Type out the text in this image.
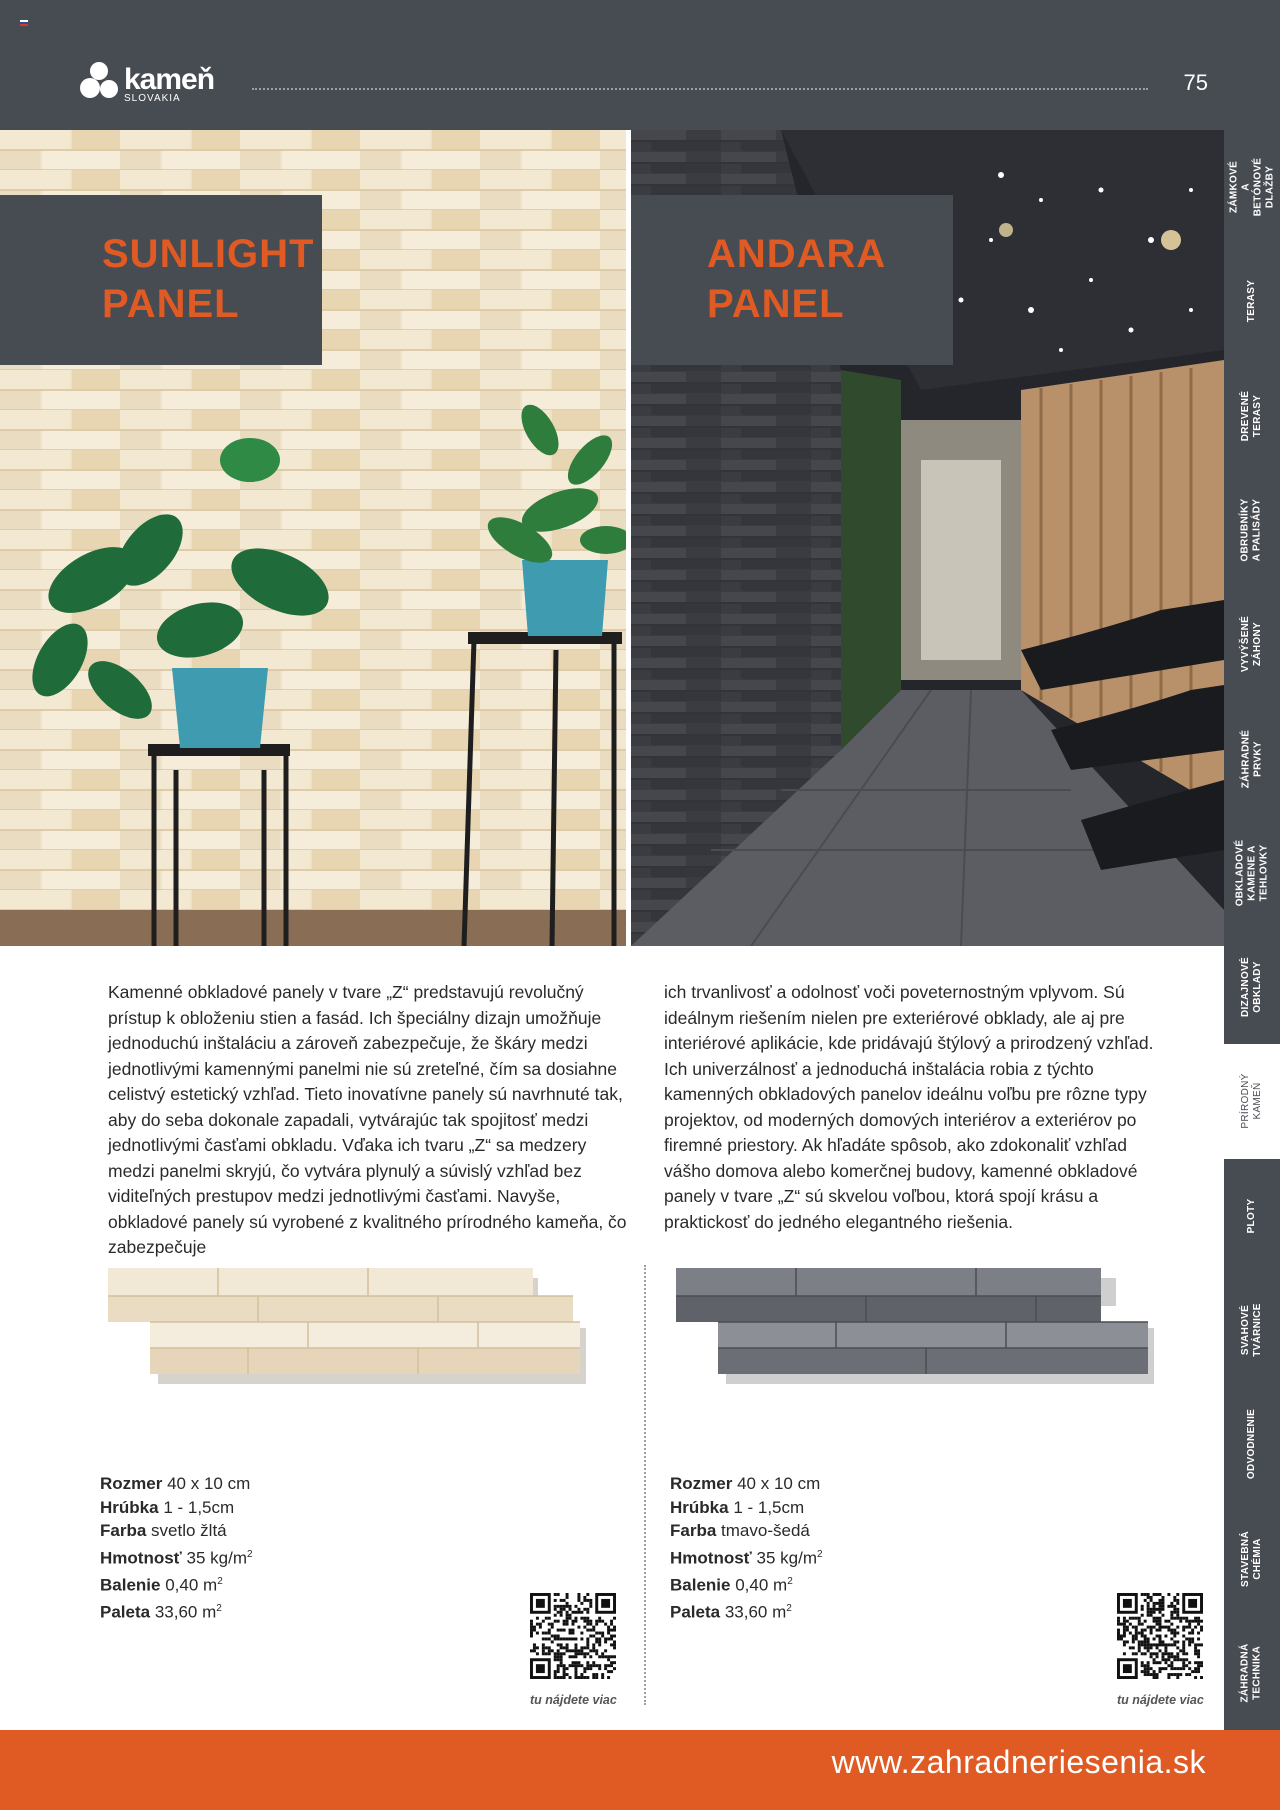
kameň
SLOVAKIA
75
SUNLIGHT
PANEL
ANDARA
PANEL
ZÁMKOVÉ A BETÓNOVÉ
DLAŽBY
TERASY
DREVENÉ
TERASY
OBRUBNÍKY
A PALISÁDY
VYVÝŠENÉ
ZÁHONY
ZÁHRADNÉ
PRVKY
OBKLADOVÉ
KAMENE A TEHLOVKY
DIZAJNOVÉ
OBKLADY
PRÍRODNÝ
KAMEŇ
PLOTY
SVAHOVÉ
TVÁRNICE
ODVODNENIE
STAVEBNÁ
CHÉMIA
ZÁHRADNÁ
TECHNIKA
Kamenné obkladové panely v tvare „Z“ predstavujú revolučný prístup k obloženiu stien a fasád. Ich špeciálny dizajn umožňuje jednoduchú inštaláciu a zároveň zabezpečuje, že škáry medzi jednotlivými kamennými panelmi nie sú zreteľné, čím sa dosiahne celistvý estetický vzhľad. Tieto inovatívne panely sú navrhnuté tak, aby do seba dokonale zapadali, vytvárajúc tak spojitosť medzi jednotlivými časťami obkladu. Vďaka ich tvaru „Z“ sa medzery medzi panelmi skryjú, čo vytvára plynulý a súvislý vzhľad bez viditeľných prestupov medzi jednotlivými časťami. Navyše, obkladové panely sú vyrobené z kvalitného prírodného kameňa, čo zabezpečuje
ich trvanlivosť a odolnosť voči poveternostným vplyvom. Sú ideálnym riešením nielen pre exteriérové obklady, ale aj pre interiérové aplikácie, kde pridávajú štýlový a prirodzený vzhľad. Ich univerzálnosť a jednoduchá inštalácia robia z týchto kamenných obkladových panelov ideálnu voľbu pre rôzne typy projektov, od moderných domových interiérov a exteriérov po firemné priestory. Ak hľadáte spôsob, ako zdokonaliť vzhľad vášho domova alebo komerčnej budovy, kamenné obkladové panely v tvare „Z“ sú skvelou voľbou, ktorá spojí krásu a praktickosť do jedného elegantného riešenia.
Rozmer 40 x 10 cm
Hrúbka 1 - 1,5cm
Farba svetlo žltá
Hmotnosť 35 $kg/m^2$
Balenie 0,40 $m^2$
Paleta 33,60 $m^2$
Rozmer 40 x 10 cm
Hrúbka 1 - 1,5cm
Farba tmavo-šedá
Hmotnosť 35 $kg/m^2$
Balenie 0,40 $m^2$
Paleta 33,60 $m^2$
tu nájdete viac	tu nájdete viac
www.zahradneriesenia.sk
